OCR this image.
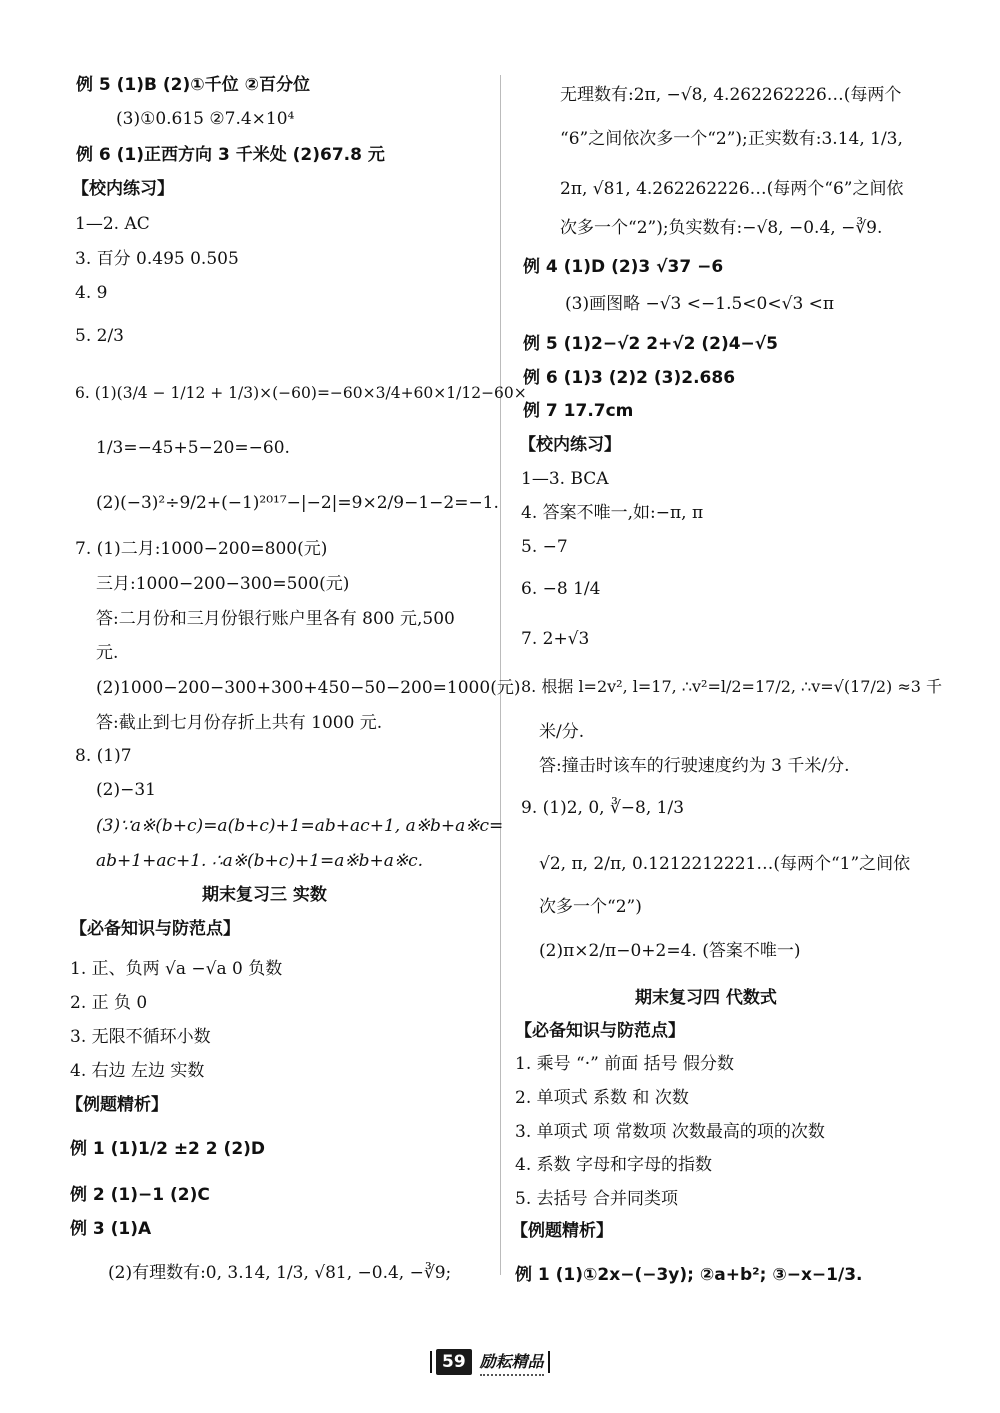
例 5 (1)B (2)①千位 ②百分位
(3)①0.615 ②7.4×10⁴
例 6 (1)正西方向 3 千米处 (2)67.8 元
【校内练习】
1—2. AC
3. 百分 0.495 0.505
4. 9
5. 2/3
6. (1)(3/4 − 1/12 + 1/3)×(−60)=−60×3/4+60×1/12−60×
1/3=−45+5−20=−60.
(2)(−3)²÷9/2+(−1)²⁰¹⁷−|−2|=9×2/9−1−2=−1.
7. (1)二月:1000−200=800(元)
三月:1000−200−300=500(元)
答:二月份和三月份银行账户里各有 800 元,500
元.
(2)1000−200−300+300+450−50−200=1000(元)
答:截止到七月份存折上共有 1000 元.
8. (1)7
(2)−31
(3)∵a※(b+c)=a(b+c)+1=ab+ac+1, a※b+a※c=
ab+1+ac+1. ∴a※(b+c)+1=a※b+a※c.
期末复习三 实数
【必备知识与防范点】
1. 正、负两 √a −√a 0 负数
2. 正 负 0
3. 无限不循环小数
4. 右边 左边 实数
【例题精析】
例 1 (1)1/2 ±2 2 (2)D
例 2 (1)−1 (2)C
例 3 (1)A
(2)有理数有:0, 3.14, 1/3, √81, −0.4̇, −∛9;
无理数有:2π, −√8, 4.262262226…(每两个
“6”之间依次多一个“2”);正实数有:3.14, 1/3,
2π, √81, 4.262262226…(每两个“6”之间依
次多一个“2”);负实数有:−√8, −0.4̇, −∛9.
例 4 (1)D (2)3 √37 −6
(3)画图略 −√3 <−1.5<0<√3 <π
例 5 (1)2−√2 2+√2 (2)4−√5
例 6 (1)3 (2)2 (3)2.686
例 7 17.7cm
【校内练习】
1—3. BCA
4. 答案不唯一,如:−π, π
5. −7
6. −8 1/4
7. 2+√3
8. 根据 l=2v², l=17, ∴v²=l/2=17/2, ∴v=√(17/2) ≈3 千
米/分.
答:撞击时该车的行驶速度约为 3 千米/分.
9. (1)2, 0, ∛−8, 1/3
√2, π, 2/π, 0.1212212221…(每两个“1”之间依
次多一个“2”)
(2)π×2/π−0+2=4. (答案不唯一)
期末复习四 代数式
【必备知识与防范点】
1. 乘号 “·” 前面 括号 假分数
2. 单项式 系数 和 次数
3. 单项式 项 常数项 次数最高的项的次数
4. 系数 字母和字母的指数
5. 去括号 合并同类项
【例题精析】
例 1 (1)①2x−(−3y); ②a+b²; ③−x−1/3.
59 励耘精品
